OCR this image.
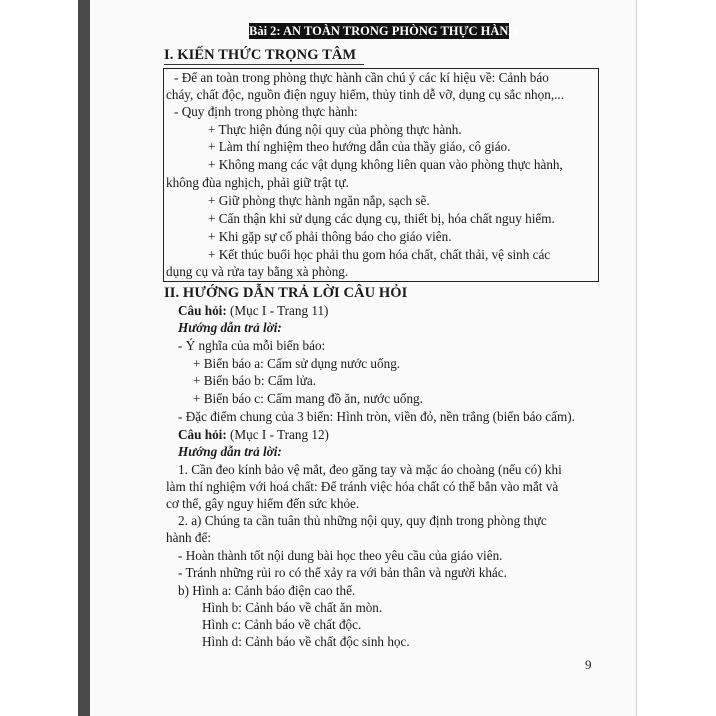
Bài 2: AN TOÀN TRONG PHÒNG THỰC HÀNH
I. KIẾN THỨC TRỌNG TÂM
- Để an toàn trong phòng thực hành cần chú ý các kí hiệu về: Cảnh báo
cháy, chất độc, nguồn điện nguy hiểm, thủy tinh dễ vỡ, dụng cụ sắc nhọn,...
- Quy định trong phòng thực hành:
+ Thực hiện đúng nội quy của phòng thực hành.
+ Làm thí nghiệm theo hướng dẫn của thầy giáo, cô giáo.
+ Không mang các vật dụng không liên quan vào phòng thực hành,
không đùa nghịch, phải giữ trật tự.
+ Giữ phòng thực hành ngăn nắp, sạch sẽ.
+ Cẩn thận khi sử dụng các dụng cụ, thiết bị, hóa chất nguy hiểm.
+ Khi gặp sự cố phải thông báo cho giáo viên.
+ Kết thúc buổi học phải thu gom hóa chất, chất thải, vệ sinh các
dụng cụ và rửa tay bằng xà phòng.
II. HƯỚNG DẪN TRẢ LỜI CÂU HỎI
Câu hỏi: (Mục I - Trang 11)
Hướng dẫn trả lời:
- Ý nghĩa của mỗi biển báo:
+ Biển báo a: Cấm sử dụng nước uống.
+ Biển báo b: Cấm lửa.
+ Biển báo c: Cấm mang đồ ăn, nước uống.
- Đặc điểm chung của 3 biển: Hình tròn, viền đỏ, nền trắng (biển báo cấm).
Câu hỏi: (Mục I - Trang 12)
Hướng dẫn trả lời:
1. Cần đeo kính bảo vệ mắt, đeo găng tay và mặc áo choàng (nếu có) khi
làm thí nghiệm với hoá chất: Để tránh việc hóa chất có thể bắn vào mắt và
cơ thể, gây nguy hiểm đến sức khỏe.
2. a) Chúng ta cần tuân thủ những nội quy, quy định trong phòng thực
hành để:
- Hoàn thành tốt nội dung bài học theo yêu cầu của giáo viên.
- Tránh những rủi ro có thể xảy ra với bản thân và người khác.
b) Hình a: Cảnh báo điện cao thế.
Hình b: Cảnh báo về chất ăn mòn.
Hình c: Cảnh báo về chất độc.
Hình d: Cảnh báo về chất độc sinh học.
9
